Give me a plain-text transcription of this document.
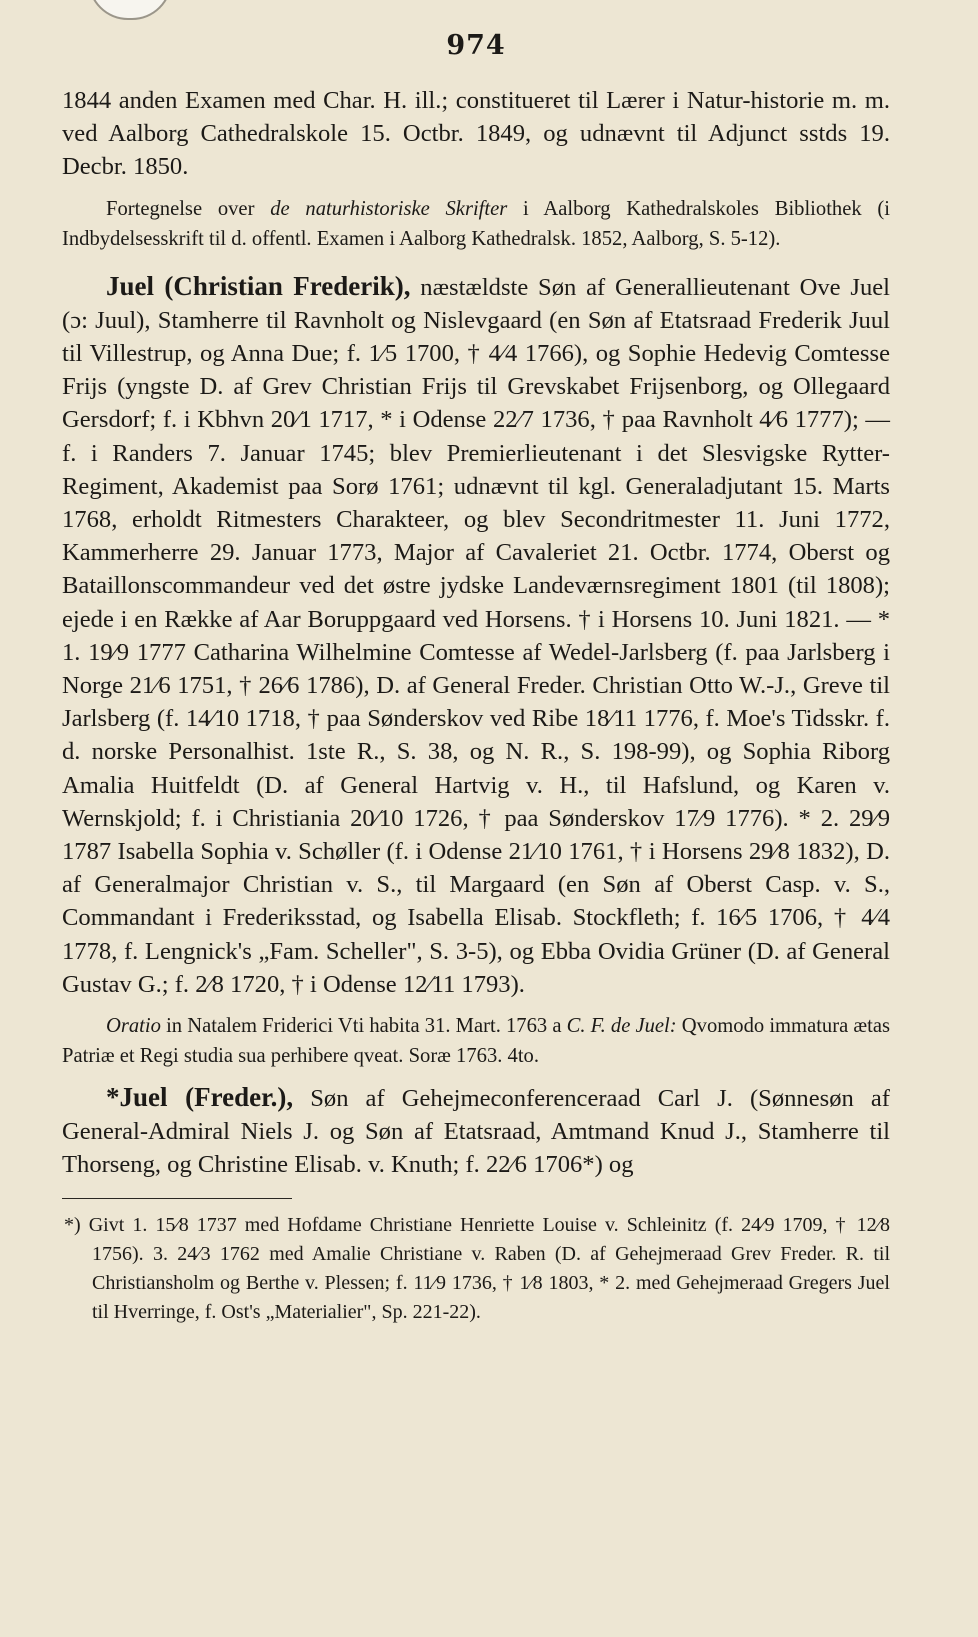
974

1844 anden Examen med Char. H. ill.; constitueret til Lærer i Natur-historie m. m. ved Aalborg Cathedralskole 15. Octbr. 1849, og udnævnt til Adjunct sstds 19. Decbr. 1850.

Fortegnelse over de naturhistoriske Skrifter i Aalborg Kathedralskoles Bibliothek (i Indbydelsesskrift til d. offentl. Examen i Aalborg Kathedralsk. 1852, Aalborg, S. 5-12).

Juel (Christian Frederik), næstældste Søn af Generallieutenant Ove Juel (ɔ: Juul), Stamherre til Ravnholt og Nislevgaard (en Søn af Etatsraad Frederik Juul til Villestrup, og Anna Due; f. 1⁄5 1700, † 4⁄4 1766), og Sophie Hedevig Comtesse Frijs (yngste D. af Grev Christian Frijs til Grevskabet Frijsenborg, og Ollegaard Gersdorf; f. i Kbhvn 20⁄1 1717, * i Odense 22⁄7 1736, † paa Ravnholt 4⁄6 1777); — f. i Randers 7. Januar 1745; blev Premierlieutenant i det Slesvigske Rytter-Regiment, Akademist paa Sorø 1761; udnævnt til kgl. Generaladjutant 15. Marts 1768, erholdt Ritmesters Charakteer, og blev Secondritmester 11. Juni 1772, Kammerherre 29. Januar 1773, Major af Cavaleriet 21. Octbr. 1774, Oberst og Bataillonscommandeur ved det østre jydske Landeværnsregiment 1801 (til 1808); ejede i en Række af Aar Boruppgaard ved Horsens. † i Horsens 10. Juni 1821. — * 1. 19⁄9 1777 Catharina Wilhelmine Comtesse af Wedel-Jarlsberg (f. paa Jarlsberg i Norge 21⁄6 1751, † 26⁄6 1786), D. af General Freder. Christian Otto W.-J., Greve til Jarlsberg (f. 14⁄10 1718, † paa Sønderskov ved Ribe 18⁄11 1776, f. Moe's Tidsskr. f. d. norske Personalhist. 1ste R., S. 38, og N. R., S. 198-99), og Sophia Riborg Amalia Huitfeldt (D. af General Hartvig v. H., til Hafslund, og Karen v. Wernskjold; f. i Christiania 20⁄10 1726, † paa Sønderskov 17⁄9 1776). * 2. 29⁄9 1787 Isabella Sophia v. Schøller (f. i Odense 21⁄10 1761, † i Horsens 29⁄8 1832), D. af Generalmajor Christian v. S., til Margaard (en Søn af Oberst Casp. v. S., Commandant i Frederiksstad, og Isabella Elisab. Stockfleth; f. 16⁄5 1706, † 4⁄4 1778, f. Lengnick's „Fam. Scheller", S. 3-5), og Ebba Ovidia Grüner (D. af General Gustav G.; f. 2⁄8 1720, † i Odense 12⁄11 1793).

Oratio in Natalem Friderici Vti habita 31. Mart. 1763 a C. F. de Juel: Qvomodo immatura ætas Patriæ et Regi studia sua perhibere qveat. Soræ 1763. 4to.

*Juel (Freder.), Søn af Gehejmeconferenceraad Carl J. (Sønnesøn af General-Admiral Niels J. og Søn af Etatsraad, Amtmand Knud J., Stamherre til Thorseng, og Christine Elisab. v. Knuth; f. 22⁄6 1706*) og

*) Givt 1. 15⁄8 1737 med Hofdame Christiane Henriette Louise v. Schleinitz (f. 24⁄9 1709, † 12⁄8 1756). 3. 24⁄3 1762 med Amalie Christiane v. Raben (D. af Gehejmeraad Grev Freder. R. til Christiansholm og Berthe v. Plessen; f. 11⁄9 1736, † 1⁄8 1803, * 2. med Gehejmeraad Gregers Juel til Hverringe, f. Ost's „Materialier", Sp. 221-22).
